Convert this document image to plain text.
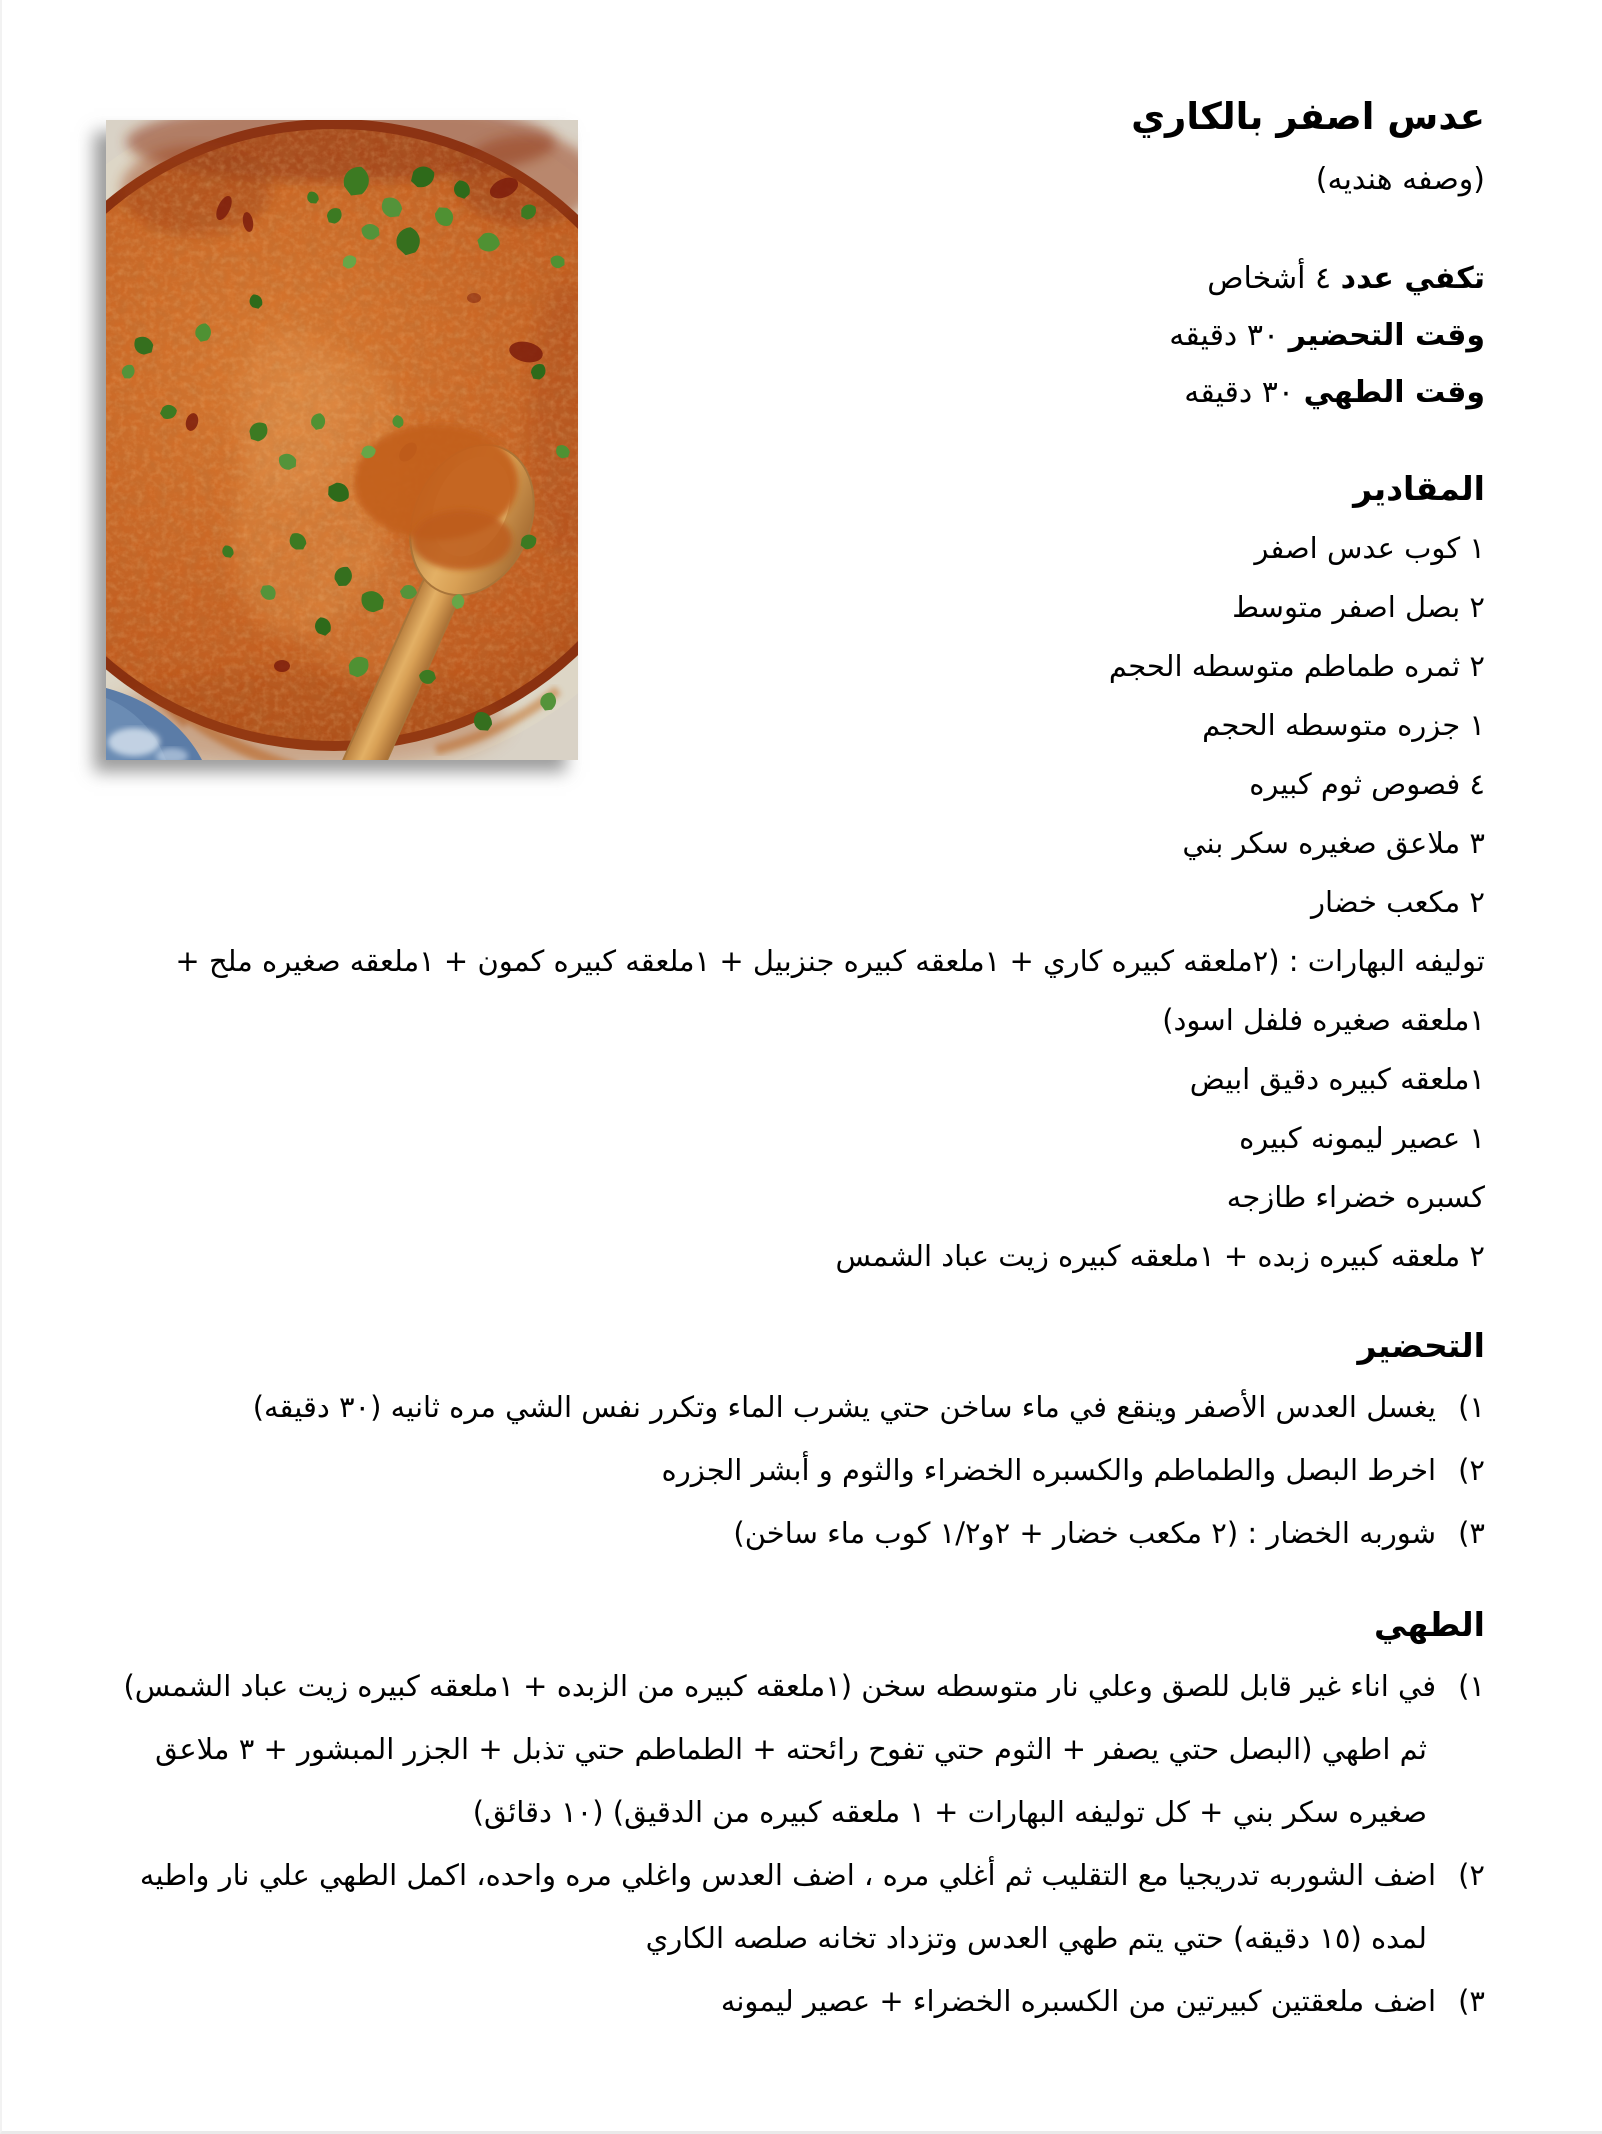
عدس اصفر بالكاري
(وصفه هنديه)
تكفي عدد ٤ أشخاص
وقت التحضير ٣٠ دقيقه
وقت الطهي ٣٠ دقيقه
المقادير
١ كوب عدس اصفر
٢ بصل اصفر متوسط
٢ ثمره طماطم متوسطه الحجم
١ جزره متوسطه الحجم
٤ فصوص ثوم كبيره
٣ ملاعق صغيره سكر بني
٢ مكعب خضار
توليفه البهارات : (٢ملعقه كبيره كاري + ١ملعقه كبيره جنزبيل + ١ملعقه كبيره كمون + ١ملعقه صغيره ملح + ١ملعقه صغيره فلفل اسود)
١ملعقه كبيره دقيق ابيض
١ عصير ليمونه كبيره
كسبره خضراء طازجه
٢ ملعقه كبيره زبده + ١ملعقه كبيره زيت عباد الشمس
التحضير
١)يغسل العدس الأصفر وينقع في ماء ساخن حتي يشرب الماء وتكرر نفس الشي مره ثانيه (٣٠ دقيقه)
٢)اخرط البصل والطماطم والكسبره الخضراء والثوم و أبشر الجزره
٣)شوربه الخضار : (٢ مكعب خضار + ٢و١/٢ كوب ماء ساخن)
الطهي
١)في اناء غير قابل للصق وعلي نار متوسطه سخن (١ملعقه كبيره من الزبده + ١ملعقه كبيره زيت عباد الشمس) ثم اطهي (البصل حتي يصفر + الثوم حتي تفوح رائحته + الطماطم حتي تذبل + الجزر المبشور + ٣ ملاعق صغيره سكر بني + كل توليفه البهارات + ١ ملعقه كبيره من الدقيق) (١٠ دقائق)
٢)اضف الشوربه تدريجيا مع التقليب ثم أغلي مره ، اضف العدس واغلي مره واحده، اكمل الطهي علي نار واطيه لمده (١٥ دقيقه) حتي يتم طهي العدس وتزداد تخانه صلصه الكاري
٣)اضف ملعقتين كبيرتين من الكسبره الخضراء + عصير ليمونه
